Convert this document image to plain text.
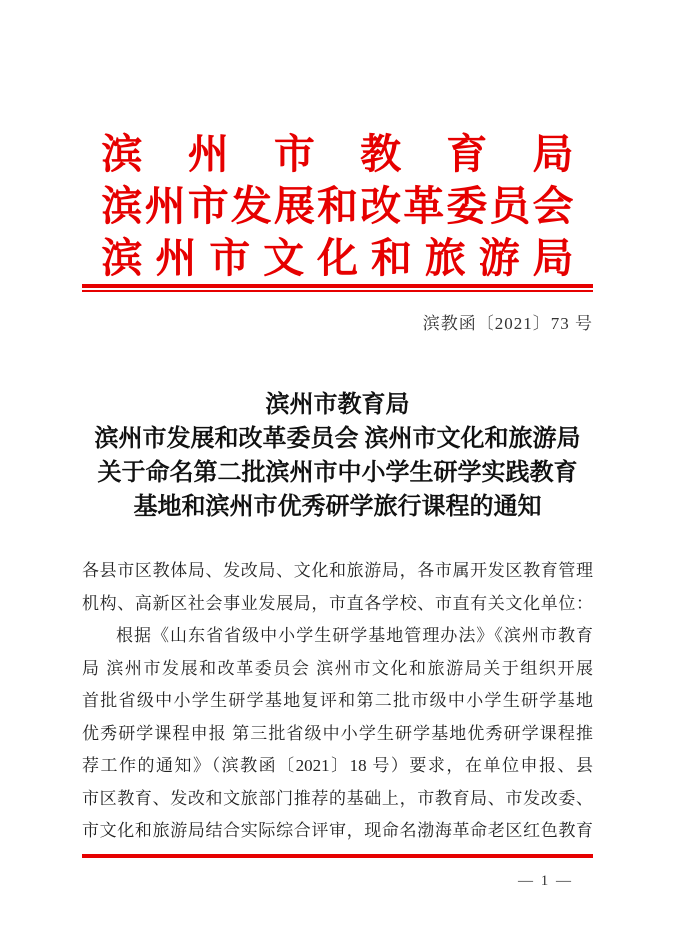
滨州市教育局
滨州市发展和改革委员会
滨州市文化和旅游局
滨教函〔2021〕73 号
滨州市教育局
滨州市发展和改革委员会 滨州市文化和旅游局
关于命名第二批滨州市中小学生研学实践教育
基地和滨州市优秀研学旅行课程的通知
各县市区教体局、发改局、文化和旅游局，各市属开发区教育管理
机构、高新区社会事业发展局，市直各学校、市直有关文化单位：
根据《山东省省级中小学生研学基地管理办法》《滨州市教育
局 滨州市发展和改革委员会 滨州市文化和旅游局关于组织开展
首批省级中小学生研学基地复评和第二批市级中小学生研学基地
优秀研学课程申报 第三批省级中小学生研学基地优秀研学课程推
荐工作的通知》（滨教函〔2021〕18 号）要求，在单位申报、县
市区教育、发改和文旅部门推荐的基础上，市教育局、市发改委、
市文化和旅游局结合实际综合评审，现命名渤海革命老区红色教育
— 1 —
